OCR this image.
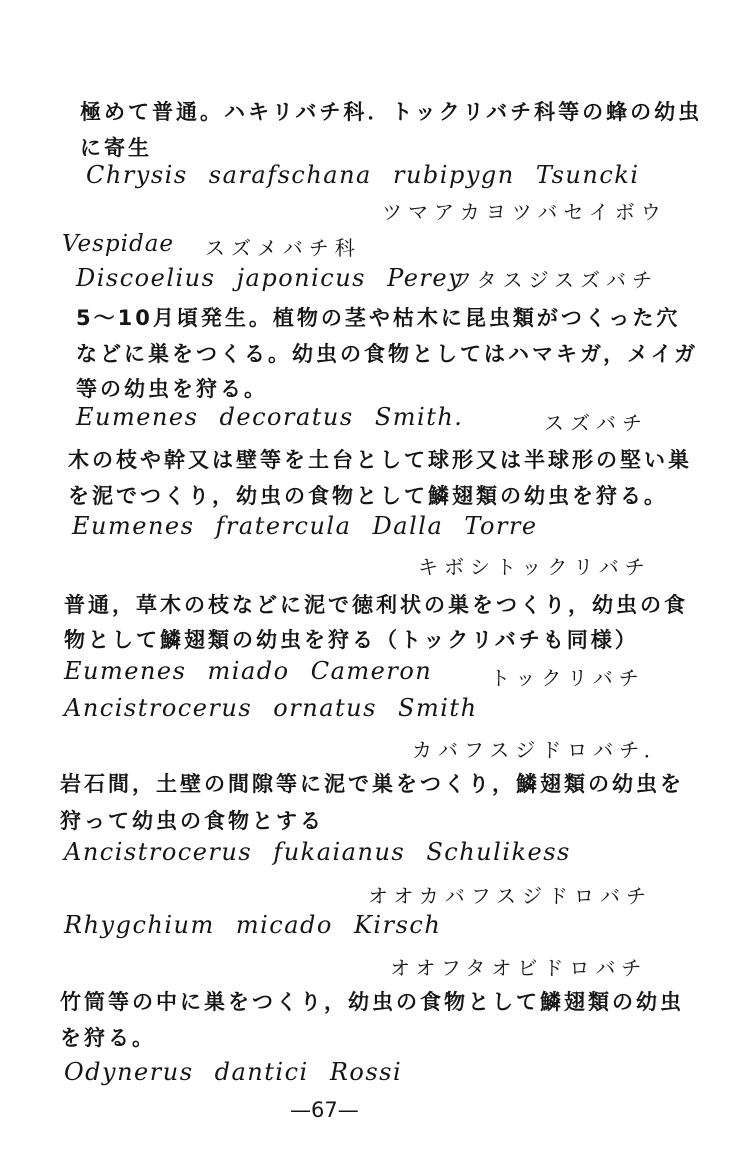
極めて普通。ハキリバチ科．トックリバチ科等の蜂の幼虫
に寄生
Chrysis sarafschana rubipygn Tsuncki
ツマアカヨツバセイボウ
Vespidae スズメバチ科
Discoelius japonicus Perey
フタスジスズバチ
5～10月頃発生。植物の茎や枯木に昆虫類がつくった穴
などに巣をつくる。幼虫の食物としてはハマキガ，メイガ
等の幼虫を狩る。
Eumenes decoratus Smith.	スズバチ
木の枝や幹又は壁等を土台として球形又は半球形の堅い巣
を泥でつくり，幼虫の食物として鱗翅類の幼虫を狩る。
Eumenes fratercula Dalla Torre
キボシトックリバチ
普通，草木の枝などに泥で徳利状の巣をつくり，幼虫の食
物として鱗翅類の幼虫を狩る（トックリバチも同様）
Eumenes miado Cameron	トックリバチ
Ancistrocerus ornatus Smith
カバフスジドロバチ．
岩石間，土壁の間隙等に泥で巣をつくり，鱗翅類の幼虫を
狩って幼虫の食物とする
Ancistrocerus fukaianus Schulikess
オオカバフスジドロバチ
Rhygchium micado Kirsch
オオフタオビドロバチ
竹筒等の中に巣をつくり，幼虫の食物として鱗翅類の幼虫
を狩る。
Odynerus dantici Rossi
—67—
